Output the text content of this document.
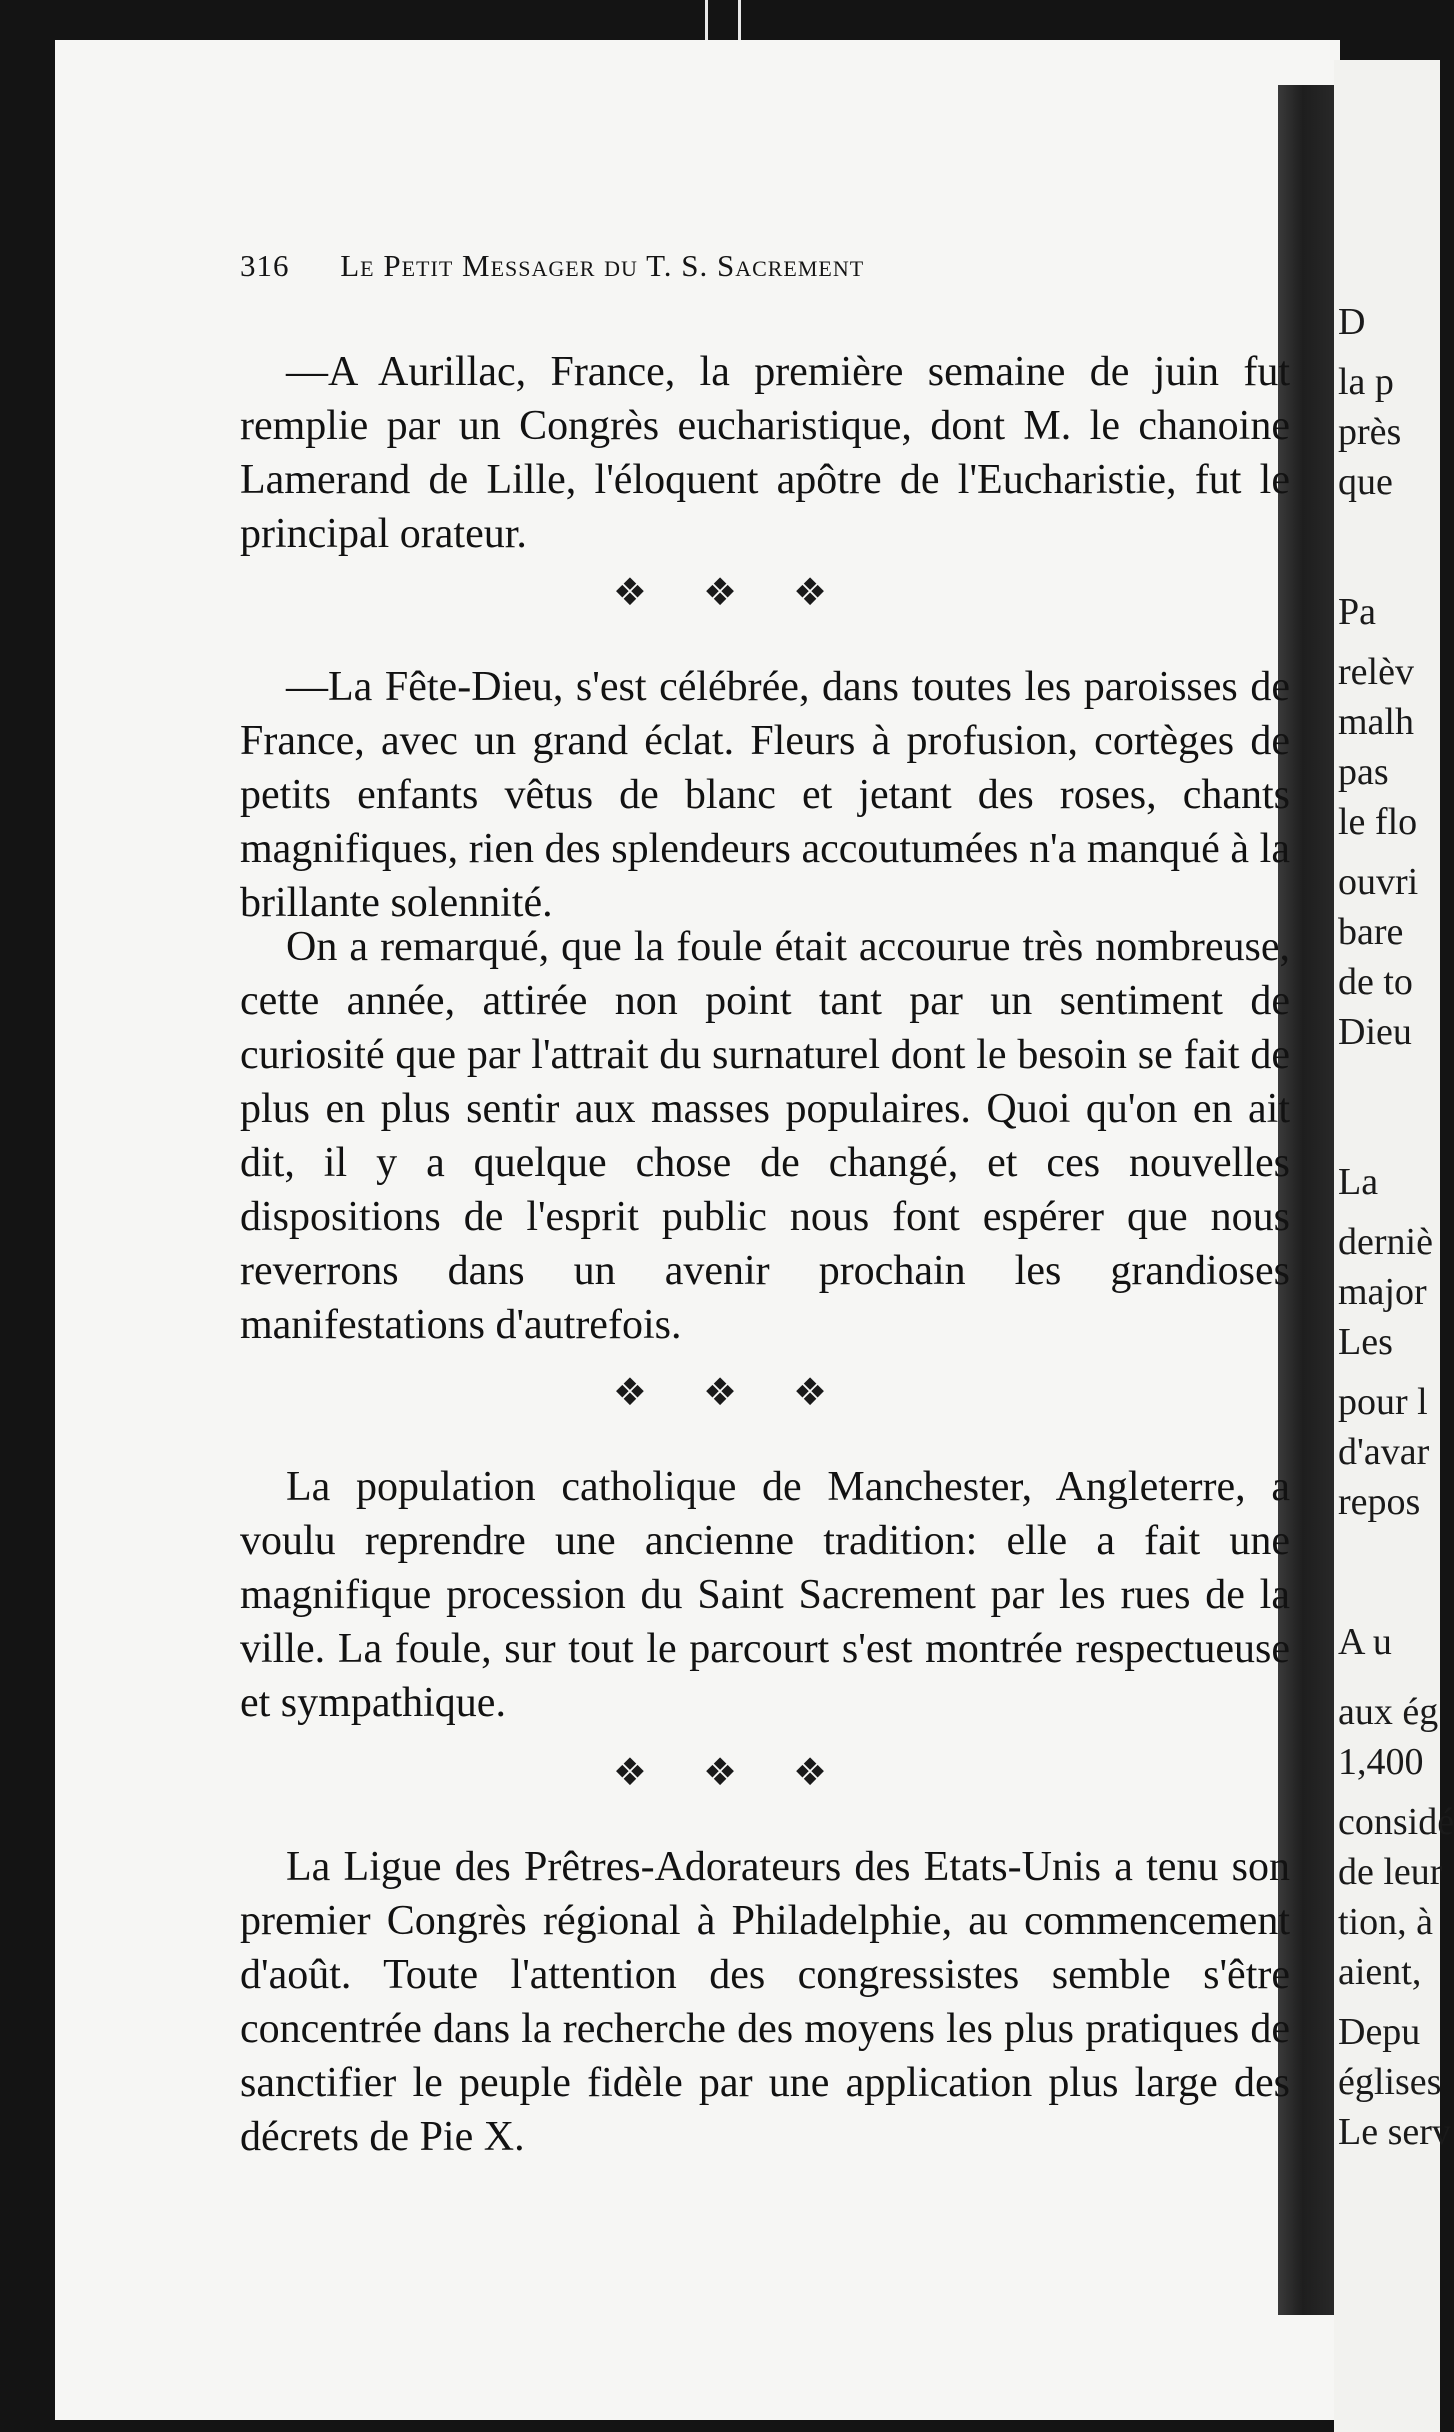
D
la p
près
que
Pa
relèv
malh
pas
le flo
ouvri
bare
de to
Dieu
La
derniè
major
Les
pour l
d'avar
repos
A u
aux ég
1,400
considé
de leur
tion, à
aient,
Depu
églises
Le serv
316 Le Petit Messager du T. S. Sacrement

—A Aurillac, France, la première semaine de juin fut remplie par un Congrès eucharistique, dont M. le chanoine Lamerand de Lille, l'éloquent apôtre de l'Eucharistie, fut le principal orateur.

❖ ❖ ❖

—La Fête-Dieu, s'est célébrée, dans toutes les paroisses de France, avec un grand éclat. Fleurs à profusion, cortèges de petits enfants vêtus de blanc et jetant des roses, chants magnifiques, rien des splendeurs accoutumées n'a manqué à la brillante solennité.

On a remarqué, que la foule était accourue très nombreuse, cette année, attirée non point tant par un sentiment de curiosité que par l'attrait du surnaturel dont le besoin se fait de plus en plus sentir aux masses populaires. Quoi qu'on en ait dit, il y a quelque chose de changé, et ces nouvelles dispositions de l'esprit public nous font espérer que nous reverrons dans un avenir prochain les grandioses manifestations d'autrefois.

❖ ❖ ❖

La population catholique de Manchester, Angleterre, a voulu reprendre une ancienne tradition: elle a fait une magnifique procession du Saint Sacrement par les rues de la ville. La foule, sur tout le parcourt s'est montrée respectueuse et sympathique.

❖ ❖ ❖

La Ligue des Prêtres-Adorateurs des Etats-Unis a tenu son premier Congrès régional à Philadelphie, au commencement d'août. Toute l'attention des congressistes semble s'être concentrée dans la recherche des moyens les plus pratiques de sanctifier le peuple fidèle par une application plus large des décrets de Pie X.
